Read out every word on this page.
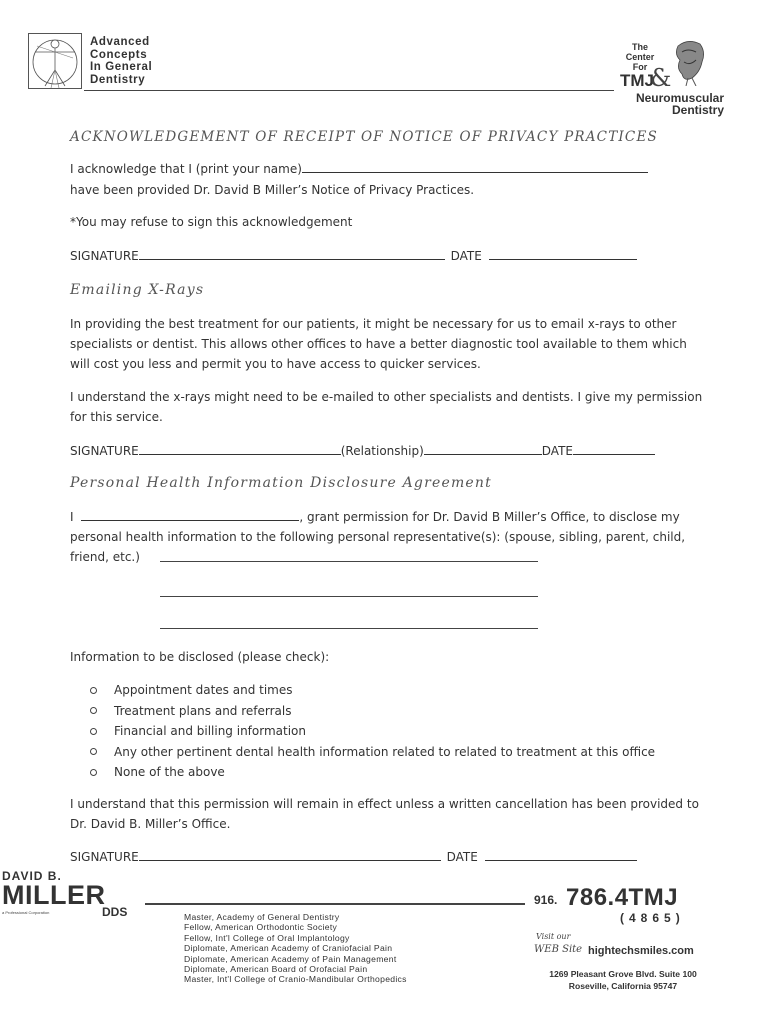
Advanced
Concepts
In General
Dentistry
The
Center
For
TMJ
&
Neuromuscular
Dentistry
ACKNOWLEDGEMENT OF RECEIPT OF NOTICE OF PRIVACY PRACTICES
I acknowledge that I (print your name)
have been provided Dr. David B Miller’s Notice of Privacy Practices.
*You may refuse to sign this acknowledgement
SIGNATURE	DATE
Emailing X-Rays
In providing the best treatment for our patients, it might be necessary for us to email x-rays to other
specialists or dentist. This allows other offices to have a better diagnostic tool available to them which
will cost you less and permit you to have access to quicker services.
I understand the x-rays might need to be e-mailed to other specialists and dentists. I give my permission
for this service.
SIGNATURE	(Relationship)	DATE
Personal Health Information Disclosure Agreement
I	, grant permission for Dr. David B Miller’s Office, to disclose my
personal health information to the following personal representative(s): (spouse, sibling, parent, child,
friend, etc.)
Information to be disclosed (please check):
Appointment dates and times
Treatment plans and referrals
Financial and billing information
Any other pertinent dental health information related to related to treatment at this office
None of the above
I understand that this permission will remain in effect unless a written cancellation has been provided to
Dr. David B. Miller’s Office.
SIGNATURE	DATE
DAVID B.
MILLER
a Professional Corporation	DDS	Master, Academy of General Dentistry
Fellow, American Orthodontic Society
Fellow, Int'l College of Oral Implantology
Diplomate, American Academy of Craniofacial Pain
Diplomate, American Academy of Pain Management
Diplomate, American Board of Orofacial Pain
Master, Int'l College of Cranio-Mandibular Orthopedics
916. 786.4TMJ
(4865)
Visit our
WEB Site hightechsmiles.com
1269 Pleasant Grove Blvd. Suite 100
Roseville, California 95747
